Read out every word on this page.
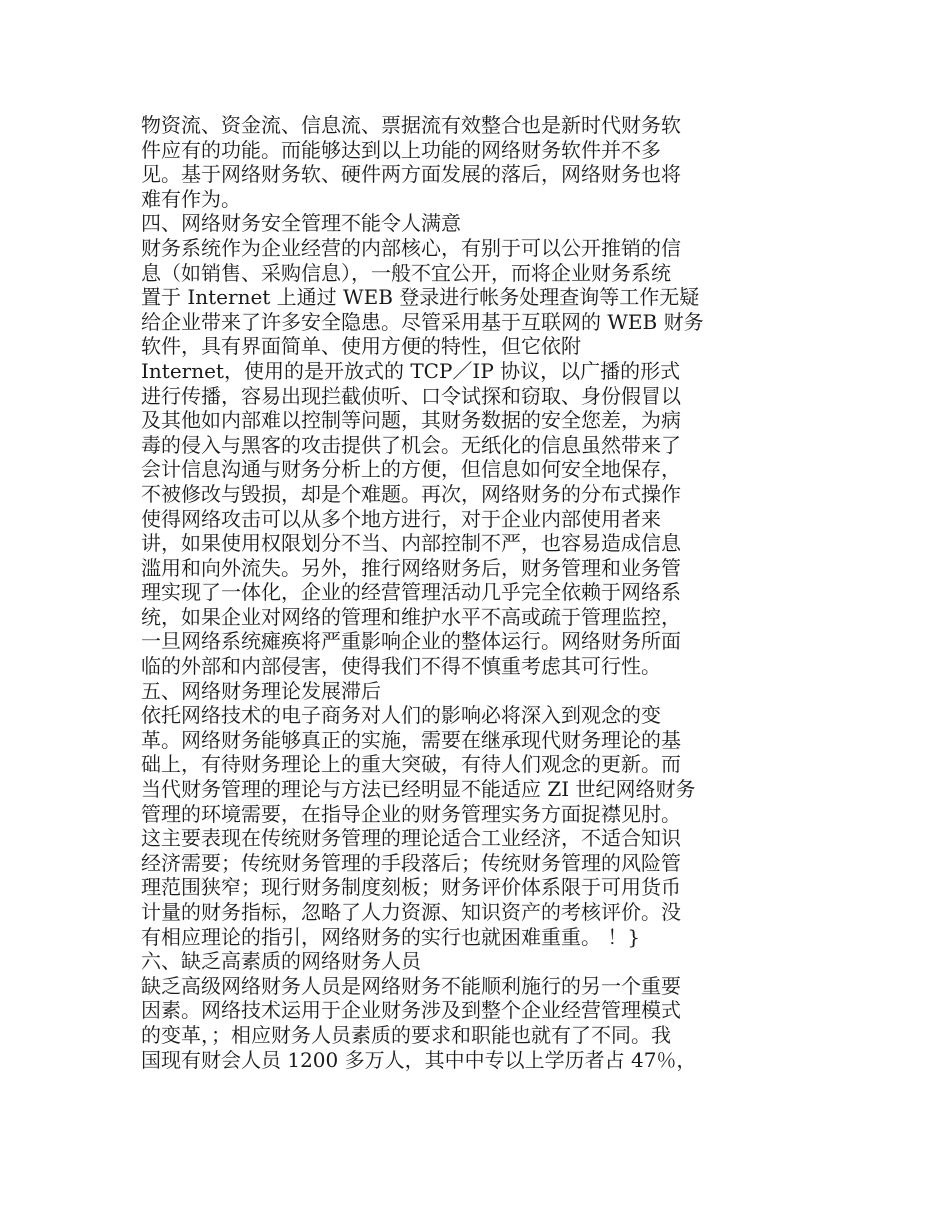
物资流、资金流、信息流、票据流有效整合也是新时代财务软
件应有的功能。而能够达到以上功能的网络财务软件并不多
见。基于网络财务软、硬件两方面发展的落后，网络财务也将
难有作为。
四、网络财务安全管理不能令人满意
财务系统作为企业经营的内部核心，有别于可以公开推销的信
息（如销售、采购信息），一般不宜公开，而将企业财务系统
置于 Internet 上通过 WEB 登录进行帐务处理查询等工作无疑
给企业带来了许多安全隐患。尽管采用基于互联网的 WEB 财务
软件，具有界面简单、使用方便的特性，但它依附
Internet，使用的是开放式的 TCP／IP 协议，以广播的形式
进行传播，容易出现拦截侦听、口令试探和窃取、身份假冒以
及其他如内部难以控制等问题，其财务数据的安全您差，为病
毒的侵入与黑客的攻击提供了机会。无纸化的信息虽然带来了
会计信息沟通与财务分析上的方便，但信息如何安全地保存，
不被修改与毁损，却是个难题。再次，网络财务的分布式操作
使得网络攻击可以从多个地方进行，对于企业内部使用者来
讲，如果使用权限划分不当、内部控制不严，也容易造成信息
滥用和向外流失。另外，推行网络财务后，财务管理和业务管
理实现了一体化，企业的经营管理活动几乎完全依赖于网络系
统，如果企业对网络的管理和维护水平不高或疏于管理监控，
一旦网络系统瘫痪将严重影响企业的整体运行。网络财务所面
临的外部和内部侵害，使得我们不得不慎重考虑其可行性。
五、网络财务理论发展滞后
依托网络技术的电子商务对人们的影响必将深入到观念的变
革。网络财务能够真正的实施，需要在继承现代财务理论的基
础上，有待财务理论上的重大突破，有待人们观念的更新。而
当代财务管理的理论与方法已经明显不能适应 ZI 世纪网络财务
管理的环境需要，在指导企业的财务管理实务方面捉襟见肘。
这主要表现在传统财务管理的理论适合工业经济，不适合知识
经济需要；传统财务管理的手段落后；传统财务管理的风险管
理范围狭窄；现行财务制度刻板；财务评价体系限于可用货币
计量的财务指标，忽略了人力资源、知识资产的考核评价。没
有相应理论的指引，网络财务的实行也就困难重重。 ！}
六、缺乏高素质的网络财务人员
缺乏高级网络财务人员是网络财务不能顺利施行的另一个重要
因素。网络技术运用于企业财务涉及到整个企业经营管理模式
的变革，；相应财务人员素质的要求和职能也就有了不同。我
国现有财会人员 1200 多万人，其中中专以上学历者占 47％，
